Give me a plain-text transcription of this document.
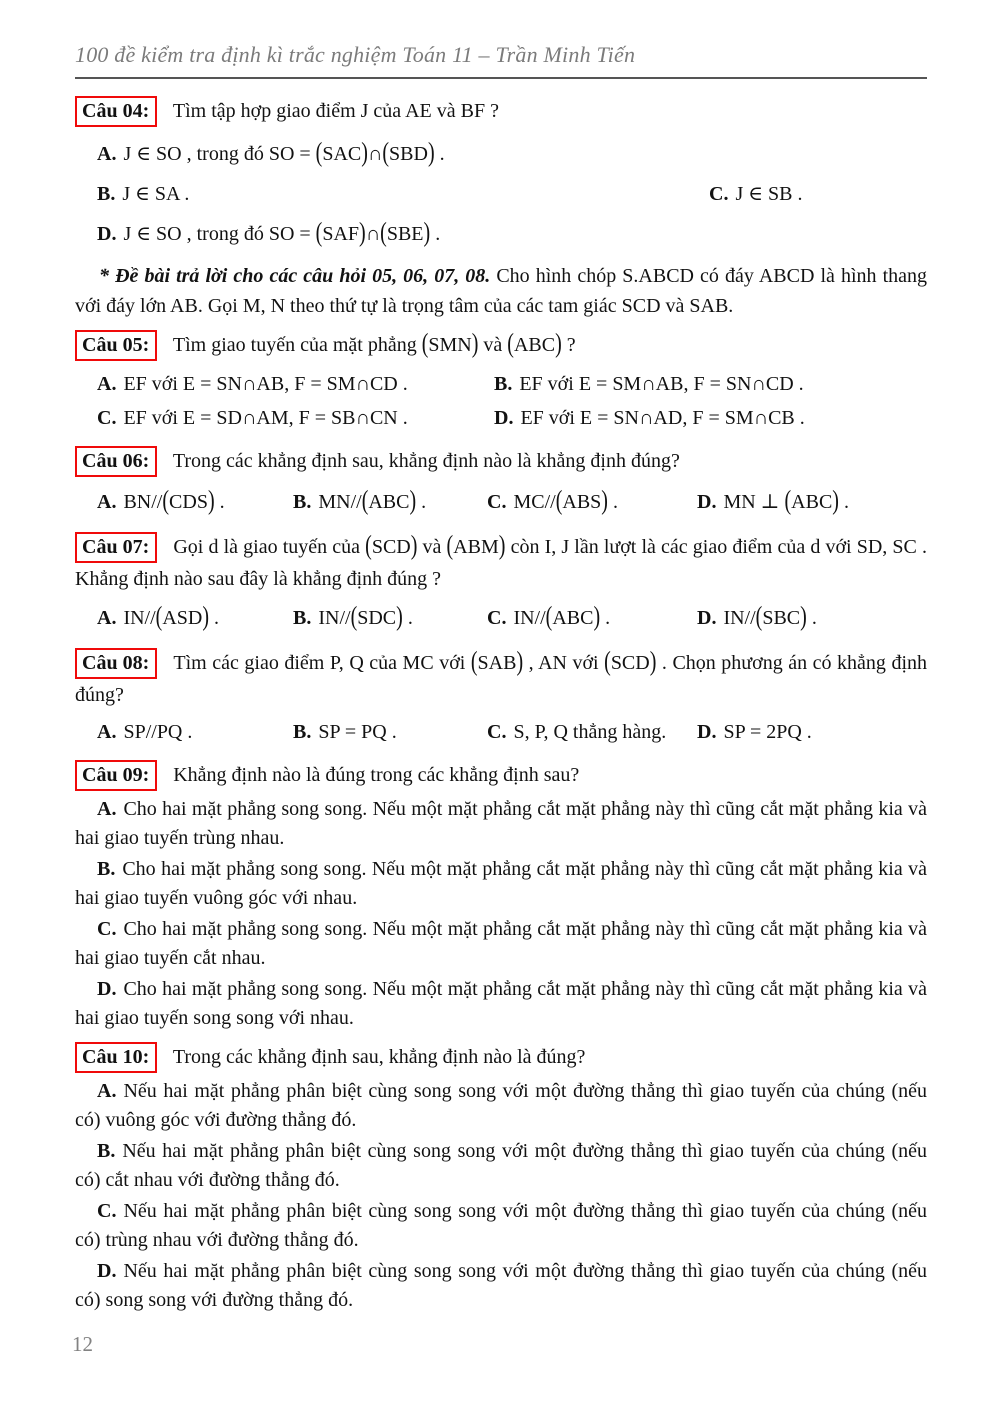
100 đề kiểm tra định kì trắc nghiệm Toán 11 – Trần Minh Tiến
Câu 04: Tìm tập hợp giao điểm J của AE và BF ?
A. J ∈ SO , trong đó SO = (SAC)∩(SBD) .
B. J ∈ SA .	C. J ∈ SB .
D. J ∈ SO , trong đó SO = (SAF)∩(SBE) .

* Đề bài trả lời cho các câu hỏi 05, 06, 07, 08. Cho hình chóp S.ABCD có đáy ABCD là hình thang với đáy lớn AB. Gọi M, N theo thứ tự là trọng tâm của các tam giác SCD và SAB.

Câu 05: Tìm giao tuyến của mặt phẳng (SMN) và (ABC) ?
A. EF với E = SN∩AB, F = SM∩CD .	B. EF với E = SM∩AB, F = SN∩CD .
C. EF với E = SD∩AM, F = SB∩CN .	D. EF với E = SN∩AD, F = SM∩CB .
Câu 06: Trong các khẳng định sau, khẳng định nào là khẳng định đúng?
A. BN//(CDS) .	B. MN//(ABC) .	C. MC//(ABS) .	D. MN ⊥ (ABC) .
Câu 07: Gọi d là giao tuyến của (SCD) và (ABM) còn I, J lần lượt là các giao điểm của d với SD, SC . Khẳng định nào sau đây là khẳng định đúng ?
A. IN//(ASD) .	B. IN//(SDC) .	C. IN//(ABC) .	D. IN//(SBC) .
Câu 08: Tìm các giao điểm P, Q của MC với (SAB) , AN với (SCD) . Chọn phương án có khẳng định đúng?
A. SP//PQ .	B. SP = PQ .	C. S, P, Q thẳng hàng.	D. SP = 2PQ .
Câu 09: Khẳng định nào là đúng trong các khẳng định sau?

A. Cho hai mặt phẳng song song. Nếu một mặt phẳng cắt mặt phẳng này thì cũng cắt mặt phẳng kia và hai giao tuyến trùng nhau.

B. Cho hai mặt phẳng song song. Nếu một mặt phẳng cắt mặt phẳng này thì cũng cắt mặt phẳng kia và hai giao tuyến vuông góc với nhau.

C. Cho hai mặt phẳng song song. Nếu một mặt phẳng cắt mặt phẳng này thì cũng cắt mặt phẳng kia và hai giao tuyến cắt nhau.

D. Cho hai mặt phẳng song song. Nếu một mặt phẳng cắt mặt phẳng này thì cũng cắt mặt phẳng kia và hai giao tuyến song song với nhau.

Câu 10: Trong các khẳng định sau, khẳng định nào là đúng?

A. Nếu hai mặt phẳng phân biệt cùng song song với một đường thẳng thì giao tuyến của chúng (nếu có) vuông góc với đường thẳng đó.

B. Nếu hai mặt phẳng phân biệt cùng song song với một đường thẳng thì giao tuyến của chúng (nếu có) cắt nhau với đường thẳng đó.

C. Nếu hai mặt phẳng phân biệt cùng song song với một đường thẳng thì giao tuyến của chúng (nếu có) trùng nhau với đường thẳng đó.

D. Nếu hai mặt phẳng phân biệt cùng song song với một đường thẳng thì giao tuyến của chúng (nếu có) song song với đường thẳng đó.

12
